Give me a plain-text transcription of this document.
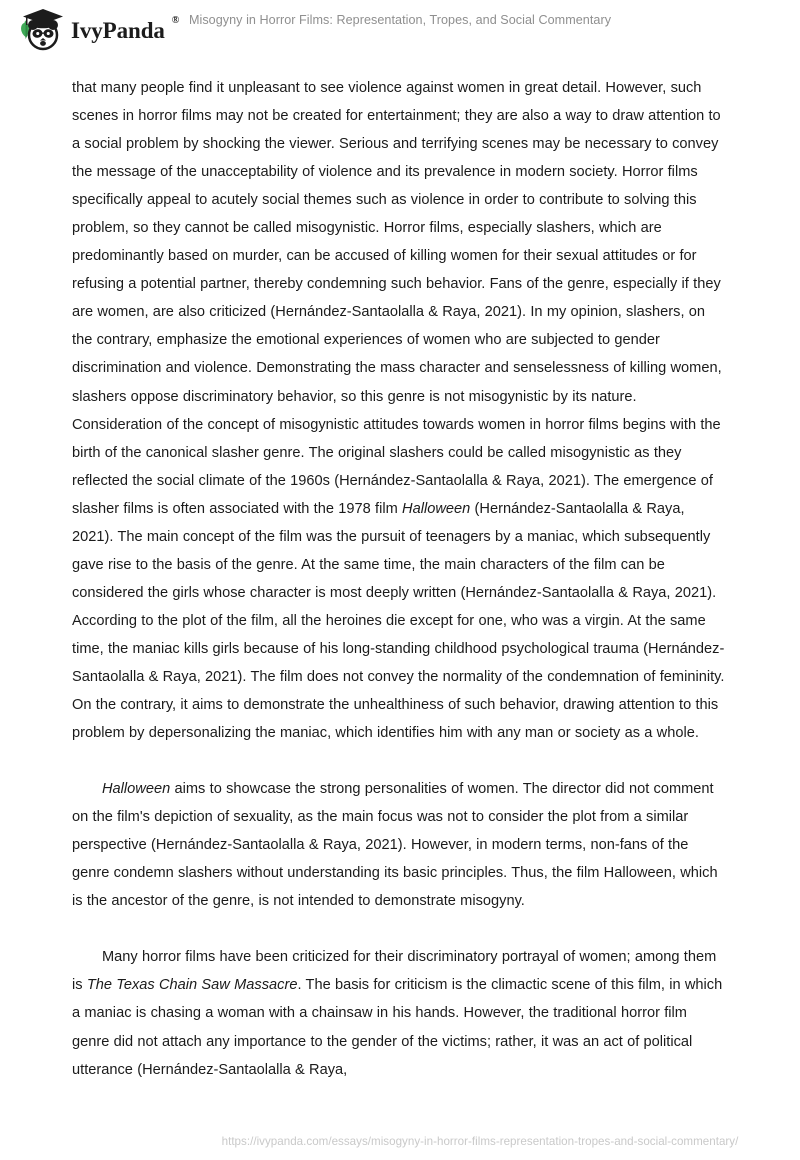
IvyPanda ® Misogyny in Horror Films: Representation, Tropes, and Social Commentary

that many people find it unpleasant to see violence against women in great detail. However, such scenes in horror films may not be created for entertainment; they are also a way to draw attention to a social problem by shocking the viewer. Serious and terrifying scenes may be necessary to convey the message of the unacceptability of violence and its prevalence in modern society. Horror films specifically appeal to acutely social themes such as violence in order to contribute to solving this problem, so they cannot be called misogynistic. Horror films, especially slashers, which are predominantly based on murder, can be accused of killing women for their sexual attitudes or for refusing a potential partner, thereby condemning such behavior. Fans of the genre, especially if they are women, are also criticized (Hernández-Santaolalla & Raya, 2021). In my opinion, slashers, on the contrary, emphasize the emotional experiences of women who are subjected to gender discrimination and violence. Demonstrating the mass character and senselessness of killing women, slashers oppose discriminatory behavior, so this genre is not misogynistic by its nature. Consideration of the concept of misogynistic attitudes towards women in horror films begins with the birth of the canonical slasher genre. The original slashers could be called misogynistic as they reflected the social climate of the 1960s (Hernández-Santaolalla & Raya, 2021). The emergence of slasher films is often associated with the 1978 film Halloween (Hernández-Santaolalla & Raya, 2021). The main concept of the film was the pursuit of teenagers by a maniac, which subsequently gave rise to the basis of the genre. At the same time, the main characters of the film can be considered the girls whose character is most deeply written (Hernández-Santaolalla & Raya, 2021). According to the plot of the film, all the heroines die except for one, who was a virgin. At the same time, the maniac kills girls because of his long-standing childhood psychological trauma (Hernández-Santaolalla & Raya, 2021). The film does not convey the normality of the condemnation of femininity. On the contrary, it aims to demonstrate the unhealthiness of such behavior, drawing attention to this problem by depersonalizing the maniac, which identifies him with any man or society as a whole.

Halloween aims to showcase the strong personalities of women. The director did not comment on the film's depiction of sexuality, as the main focus was not to consider the plot from a similar perspective (Hernández-Santaolalla & Raya, 2021). However, in modern terms, non-fans of the genre condemn slashers without understanding its basic principles. Thus, the film Halloween, which is the ancestor of the genre, is not intended to demonstrate misogyny.

Many horror films have been criticized for their discriminatory portrayal of women; among them is The Texas Chain Saw Massacre. The basis for criticism is the climactic scene of this film, in which a maniac is chasing a woman with a chainsaw in his hands. However, the traditional horror film genre did not attach any importance to the gender of the victims; rather, it was an act of political utterance (Hernández-Santaolalla & Raya,

https://ivypanda.com/essays/misogyny-in-horror-films-representation-tropes-and-social-commentary/
